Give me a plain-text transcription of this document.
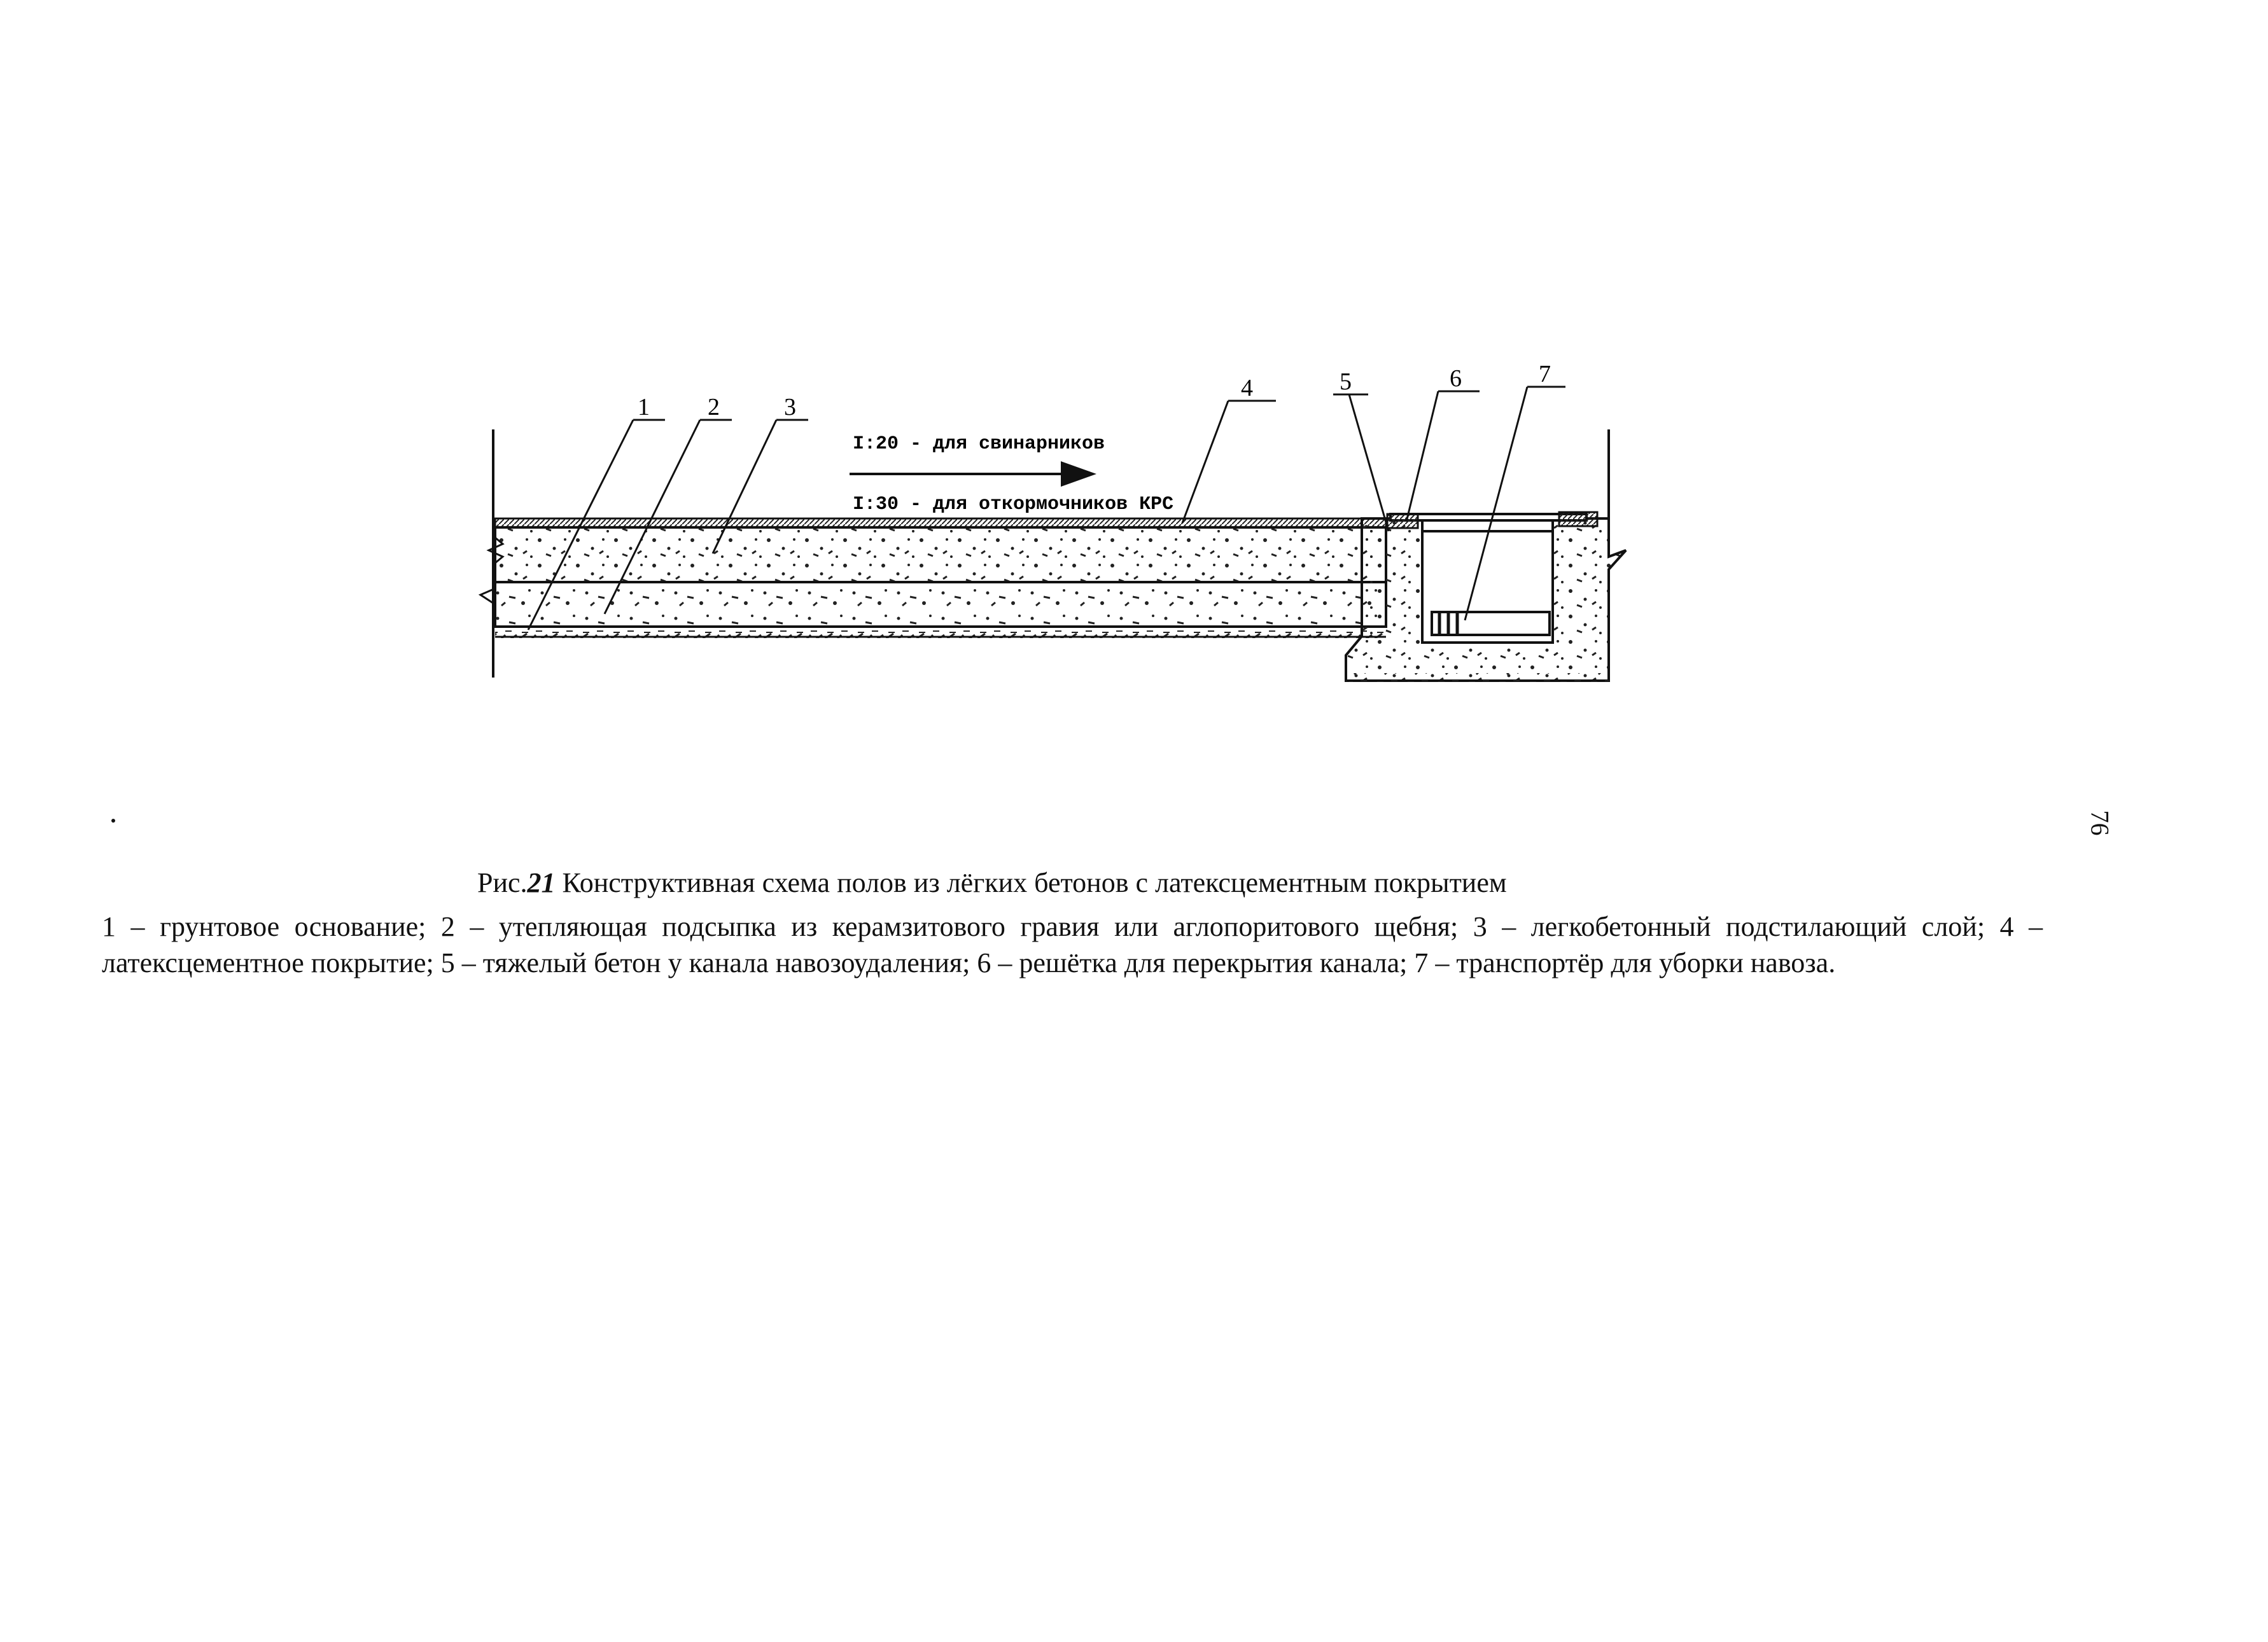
I:20 - для свинарников
I:30 - для откормочников КРС
1 2	3
4	5	6	7
Рис.21 Конструктивная схема полов из лёгких бетонов с латексцементным покрытием
1 – грунтовое основание; 2 – утепляющая подсыпка из керамзитового гравия или аглопоритового щебня; 3 – легкобетонный подстилающий слой; 4 – латексцементное покрытие; 5 – тяжелый бетон у канала навозоудаления; 6 – решётка для перекрытия канала; 7 – транспортёр для уборки навоза.
76
